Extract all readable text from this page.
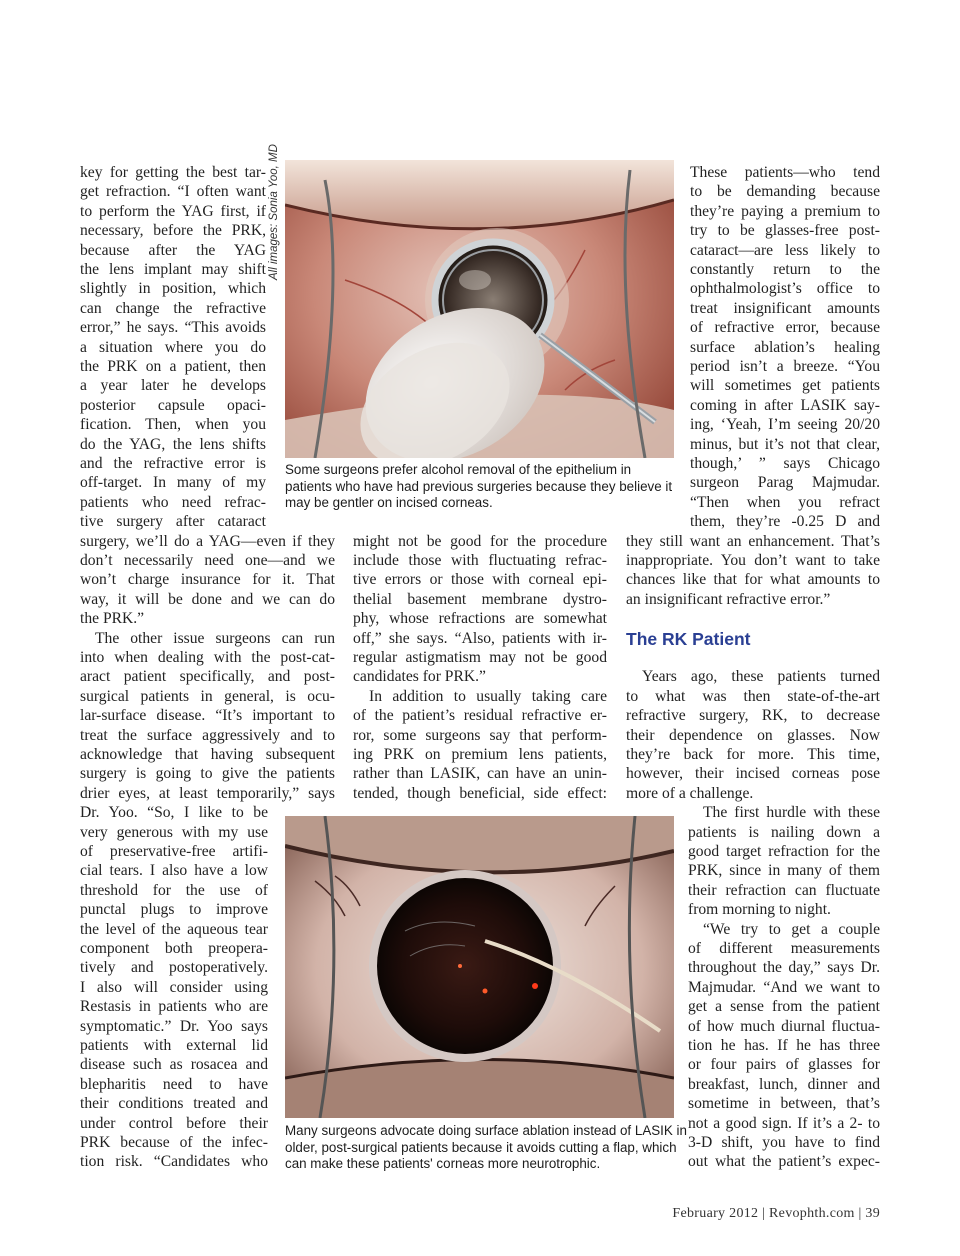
All images: Sonia Yoo, MD
Some surgeons prefer alcohol removal of the epithelium in
patients who have had previous surgeries because they believe it
may be gentler on incised corneas.
Many surgeons advocate doing surface ablation instead of LASIK in
older, post-surgical patients because it avoids cutting a flap, which
can make these patients' corneas more neurotrophic.
key for getting the best tar-
get refraction. “I often want
to perform the YAG first, if
necessary, before the PRK,
because after the YAG
the lens implant may shift
slightly in position, which
can change the refractive
error,” he says. “This avoids
a situation where you do
the PRK on a patient, then
a year later he develops
posterior capsule opaci-
fication. Then, when you
do the YAG, the lens shifts
and the refractive error is
off-target. In many of my
patients who need refrac-
tive surgery after cataract
surgery, we’ll do a YAG—even if they
don’t necessarily need one—and we
won’t charge insurance for it. That
way, it will be done and we can do
the PRK.”
The other issue surgeons can run
into when dealing with the post-cat-
aract patient specifically, and post-
surgical patients in general, is ocu-
lar-surface disease. “It’s important to
treat the surface aggressively and to
acknowledge that having subsequent
surgery is going to give the patients
drier eyes, at least temporarily,” says
Dr. Yoo. “So, I like to be
very generous with my use
of preservative-free artifi-
cial tears. I also have a low
threshold for the use of
punctal plugs to improve
the level of the aqueous tear
component both preopera-
tively and postoperatively.
I also will consider using
Restasis in patients who are
symptomatic.” Dr. Yoo says
patients with external lid
disease such as rosacea and
blepharitis need to have
their conditions treated and
under control before their
PRK because of the infec-
tion risk. “Candidates who
might not be good for the procedure
include those with fluctuating refrac-
tive errors or those with corneal epi-
thelial basement membrane dystro-
phy, whose refractions are somewhat
off,” she says. “Also, patients with ir-
regular astigmatism may not be good
candidates for PRK.”
In addition to usually taking care
of the patient’s residual refractive er-
ror, some surgeons say that perform-
ing PRK on premium lens patients,
rather than LASIK, can have an unin-
tended, though beneficial, side effect:
These patients—who tend
to be demanding because
they’re paying a premium to
try to be glasses-free post-
cataract—are less likely to
constantly return to the
ophthalmologist’s office to
treat insignificant amounts
of refractive error, because
surface ablation’s healing
period isn’t a breeze. “You
will sometimes get patients
coming in after LASIK say-
ing, ‘Yeah, I’m seeing 20/20
minus, but it’s not that clear,
though,’ ” says Chicago
surgeon Parag Majmudar.
“Then when you refract
them, they’re -0.25 D and
they still want an enhancement. That’s
inappropriate. You don’t want to take
chances like that for what amounts to
an insignificant refractive error.”
The RK Patient
Years ago, these patients turned
to what was then state-of-the-art
refractive surgery, RK, to decrease
their dependence on glasses. Now
they’re back for more. This time,
however, their incised corneas pose
more of a challenge.
The first hurdle with these
patients is nailing down a
good target refraction for the
PRK, since in many of them
their refraction can fluctuate
from morning to night.
“We try to get a couple
of different measurements
throughout the day,” says Dr.
Majmudar. “And we want to
get a sense from the patient
of how much diurnal fluctua-
tion he has. If he has three
or four pairs of glasses for
breakfast, lunch, dinner and
sometime in between, that’s
not a good sign. If it’s a 2- to
3-D shift, you have to find
out what the patient’s expec-
February 2012 | Revophth.com | 39
